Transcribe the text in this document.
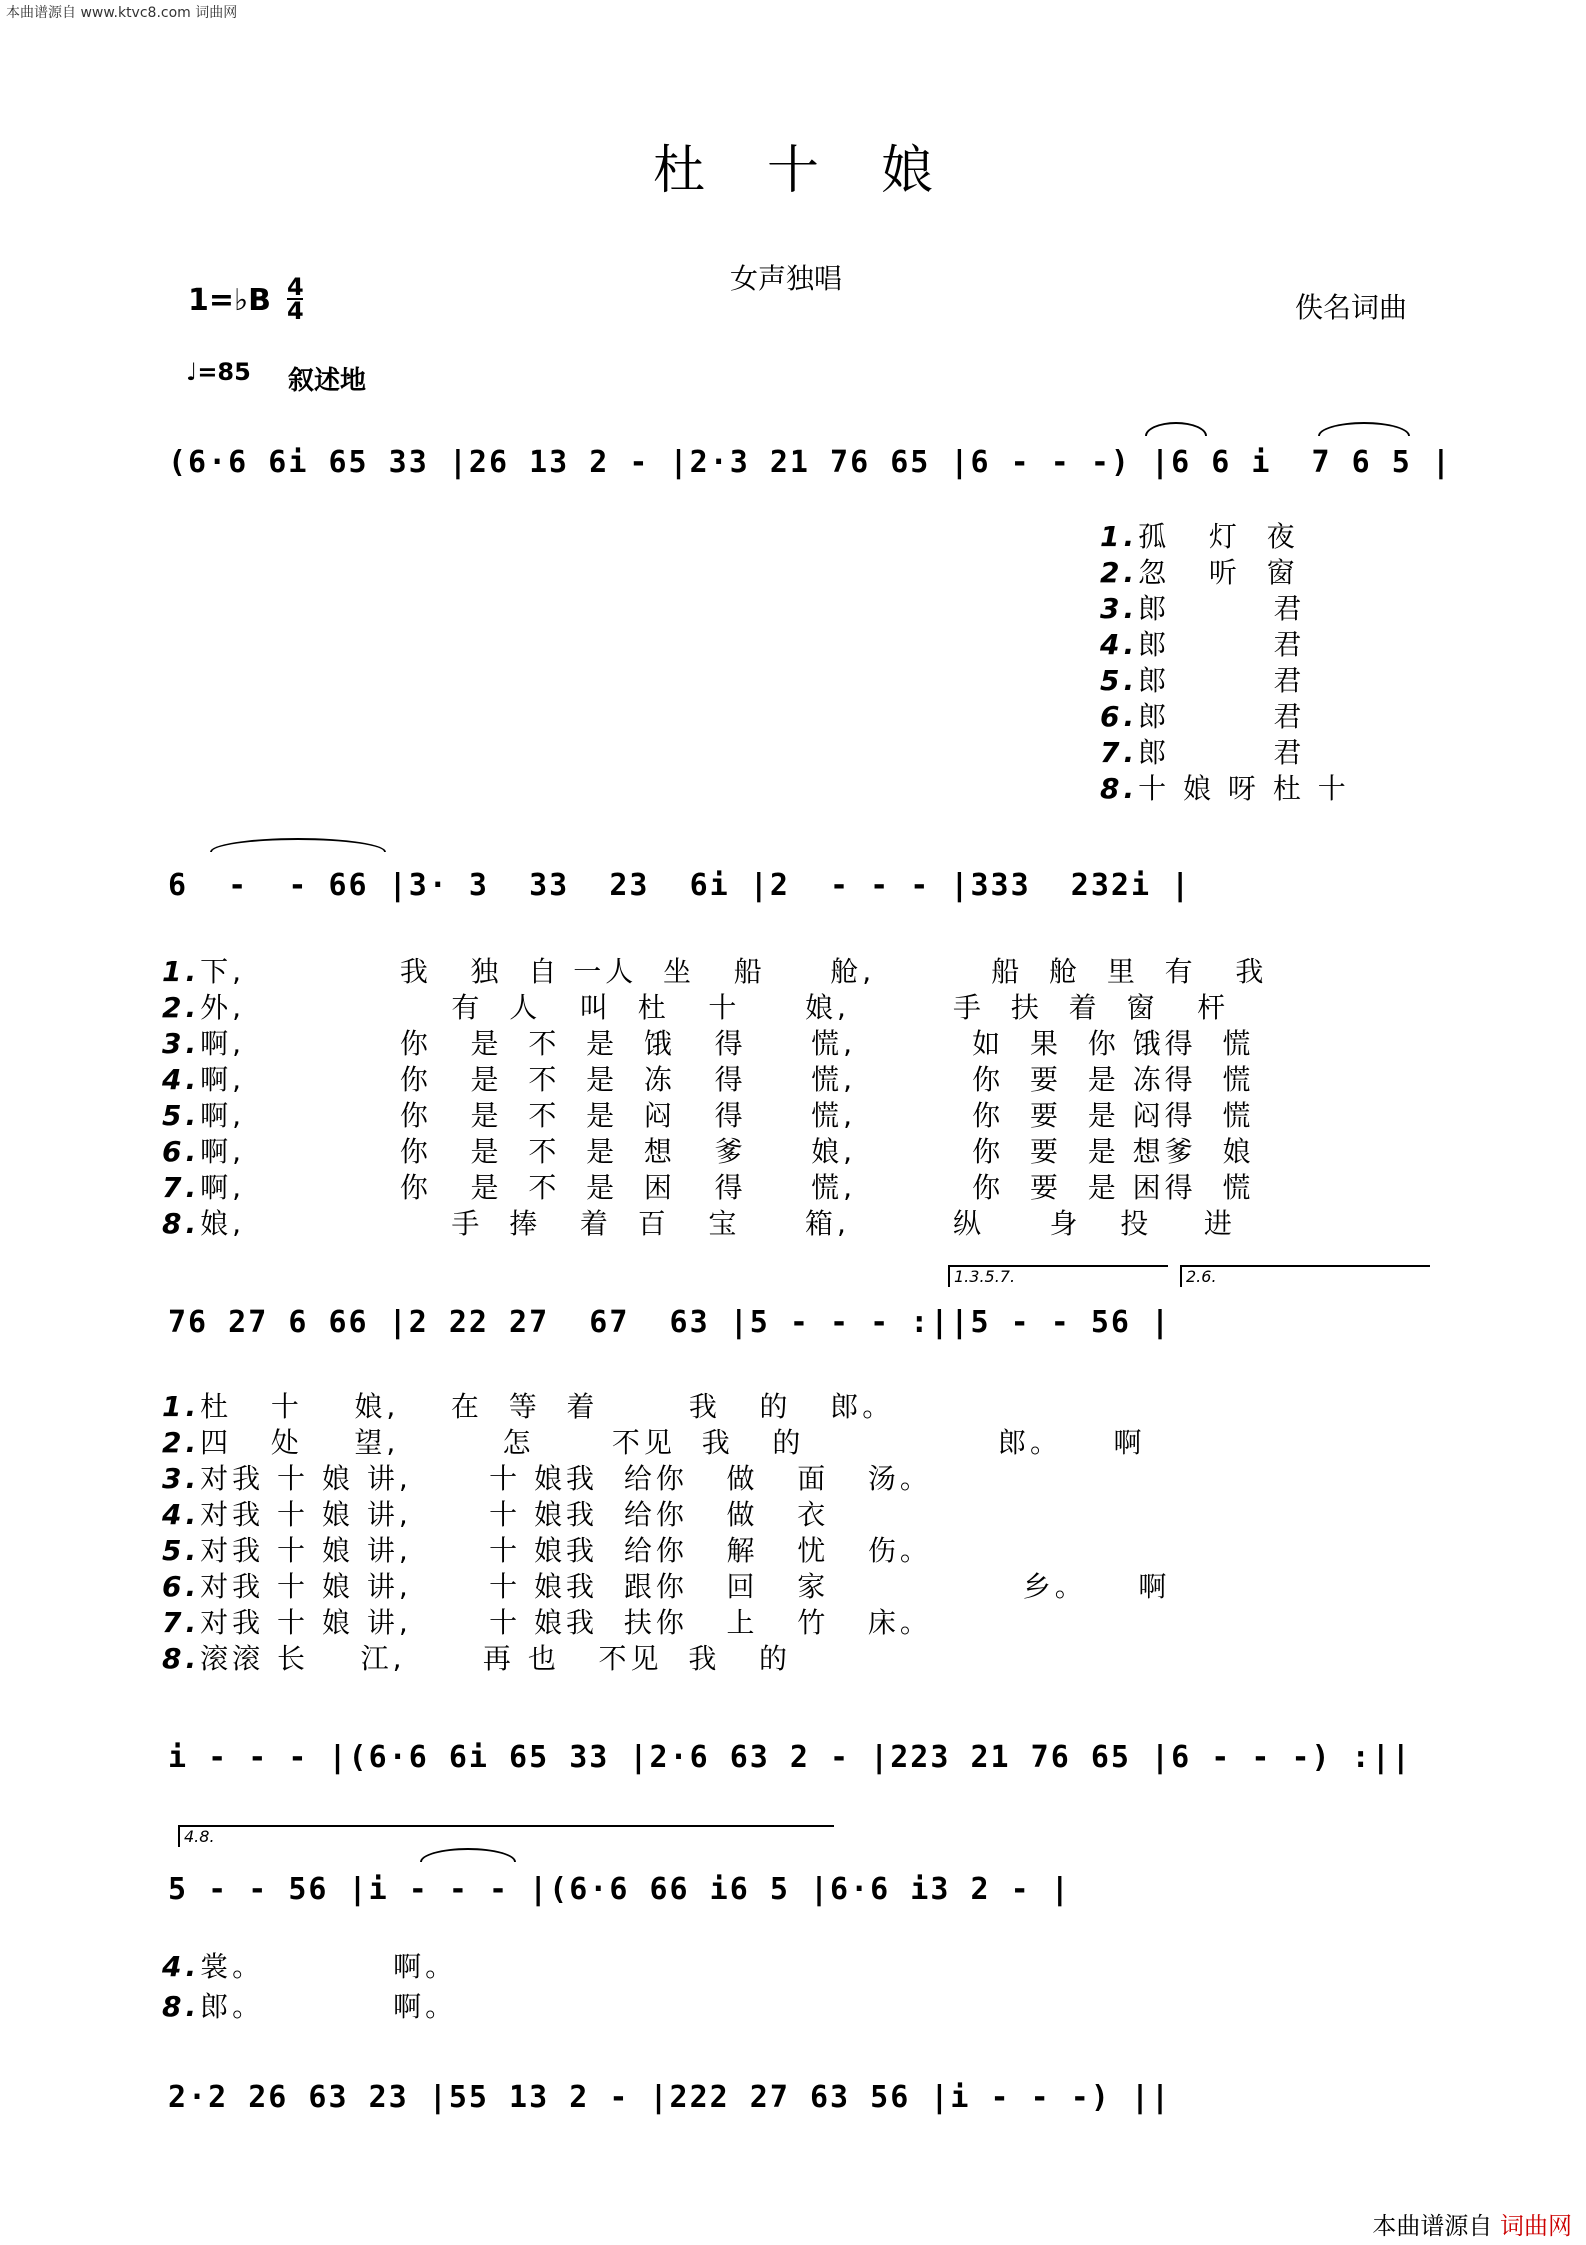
本曲谱源自 www.ktvc8.com 词曲网
杜十娘
女声独唱
佚名词曲
1=♭B 4
4
♩=85 叙述地
(6·6 6i 65 33 |26 13 2 - |2·3 21 76 65 |6 - - -) |6 6 i  7 6 5 |
1.孤   灯  夜
2.忽   听  窗
3.郎        君
4.郎        君
5.郎        君
6.郎        君
7.郎        君
8.十 娘 呀 杜 十
6  -  - 66 |3· 3  33  23  6i |2  - - - |333  232i |
1.下,            我   独  自 一人  坐   船     舱,         船  舱  里  有   我
2.外,                有  人   叫  杜   十     娘,        手  扶  着  窗   杆
3.啊,            你   是  不  是  饿   得     慌,         如  果  你 饿得  慌
4.啊,            你   是  不  是  冻   得     慌,         你  要  是 冻得  慌
5.啊,            你   是  不  是  闷   得     慌,         你  要  是 闷得  慌
6.啊,            你   是  不  是  想   爹     娘,         你  要  是 想爹  娘
7.啊,            你   是  不  是  困   得     慌,         你  要  是 困得  慌
8.娘,                手  捧   着  百   宝     箱,        纵     身   投    进
1.3.5.7.	2.6.
76 27 6 66 |2 22 27  67  63 |5 - - - :||5 - - 56 |
1.杜   十    娘,    在  等  着       我   的   郎。
2.四   处    望,        怎      不见  我   的               郎。    啊
3.对我 十 娘 讲,      十 娘我  给你   做   面   汤。
4.对我 十 娘 讲,      十 娘我  给你   做   衣
5.对我 十 娘 讲,      十 娘我  给你   解   忧   伤。
6.对我 十 娘 讲,      十 娘我  跟你   回   家               乡。    啊
7.对我 十 娘 讲,      十 娘我  扶你   上   竹   床。
8.滚滚 长    江,      再 也   不见  我   的
i - - - |(6·6 6i 65 33 |2·6 63 2 - |223 21 76 65 |6 - - -) :||
4.8.
5 - - 56 |i - - - |(6·6 66 i6 5 |6·6 i3 2 - |
4.裳。          啊。
8.郎。          啊。
2·2 26 63 23 |55 13 2 - |222 27 63 56 |i - - -) ||
本曲谱源自 词曲网
